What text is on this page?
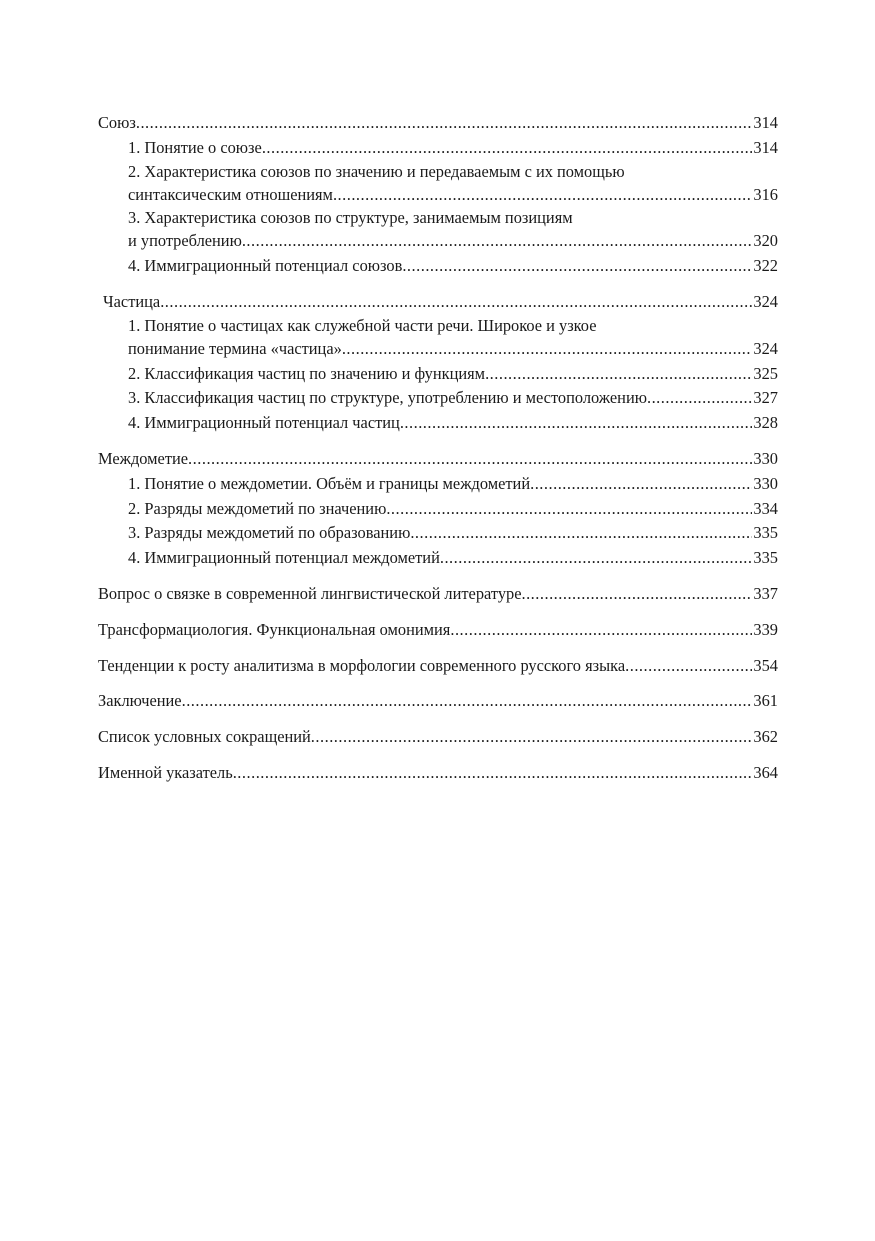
Союз .....	314
1. Понятие о союзе .....	314
2. Характеристика союзов по значению и передаваемым с их помощью
синтаксическим отношениям .....	316
3. Характеристика союзов по структуре, занимаемым позициям
и употреблению .....	320
4. Иммиграционный потенциал союзов .....	322
Частица .....	324
1. Понятие о частицах как служебной части речи. Широкое и узкое
понимание термина «частица» .....	324
2. Классификация частиц по значению и функциям .....	325
3. Классификация частиц по структуре, употреблению и местоположению .....	327
4. Иммиграционный потенциал частиц .....	328
Междометие .....	330
1. Понятие о междометии. Объём и границы междометий .....	330
2. Разряды междометий по значению .....	334
3. Разряды междометий по образованию .....	335
4. Иммиграционный потенциал междометий .....	335
Вопрос о связке в современной лингвистической литературе .....	337
Трансформациология. Функциональная омонимия .....	339
Тенденции к росту аналитизма в морфологии современного русского языка .....	354
Заключение .....	361
Список условных сокращений .....	362
Именной указатель .....	364
